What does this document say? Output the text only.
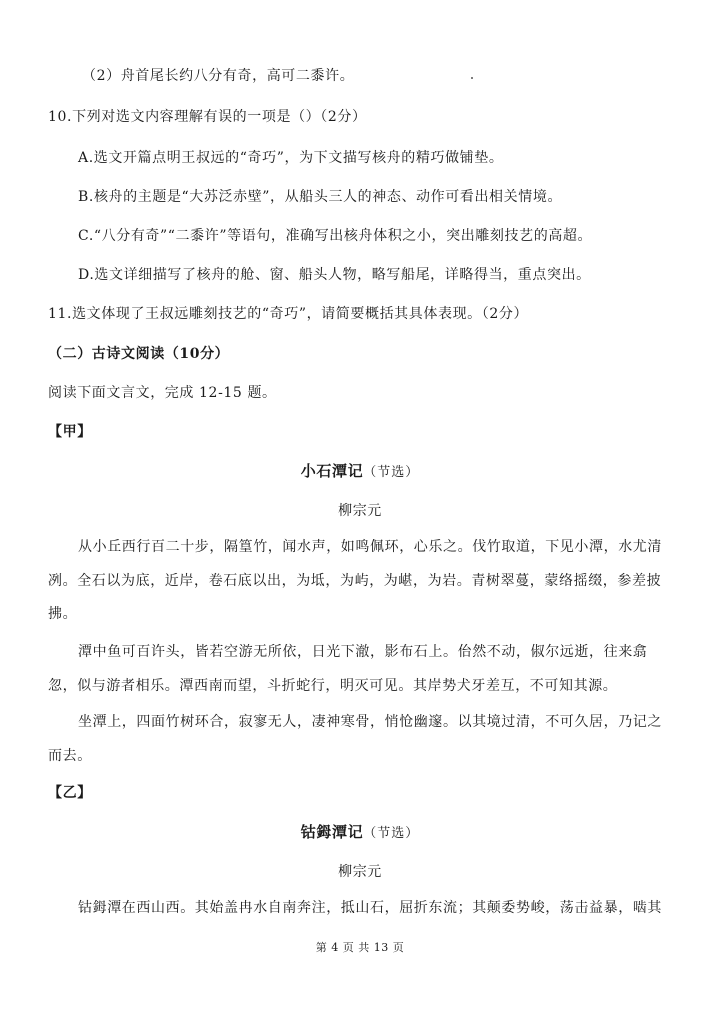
（2）舟首尾长约八分有奇，高可二黍许。
10.下列对选文内容理解有误的一项是（）（2分）
A.选文开篇点明王叔远的“奇巧”，为下文描写核舟的精巧做铺垫。
B.核舟的主题是“大苏泛赤壁”，从船头三人的神态、动作可看出相关情境。
C.“八分有奇”“二黍许”等语句，准确写出核舟体积之小，突出雕刻技艺的高超。
D.选文详细描写了核舟的舱、窗、船头人物，略写船尾，详略得当，重点突出。
11.选文体现了王叔远雕刻技艺的“奇巧”，请简要概括其具体表现。（2分）
（二）古诗文阅读（10分）
阅读下面文言文，完成 12-15 题。
【甲】
小石潭记（节选）
柳宗元
从小丘西行百二十步，隔篁竹，闻水声，如鸣佩环，心乐之。伐竹取道，下见小潭，水尤清
冽。全石以为底，近岸，卷石底以出，为坻，为屿，为嵁，为岩。青树翠蔓，蒙络摇缀，参差披
拂。
潭中鱼可百许头，皆若空游无所依，日光下澈，影布石上。佁然不动，俶尔远逝，往来翕
忽，似与游者相乐。潭西南而望，斗折蛇行，明灭可见。其岸势犬牙差互，不可知其源。
坐潭上，四面竹树环合，寂寥无人，凄神寒骨，悄怆幽邃。以其境过清，不可久居，乃记之
而去。
【乙】
钴鉧潭记（节选）
柳宗元
钴鉧潭在西山西。其始盖冉水自南奔注，抵山石，屈折东流；其颠委势峻，荡击益暴，啮其
第 4 页 共 13 页
